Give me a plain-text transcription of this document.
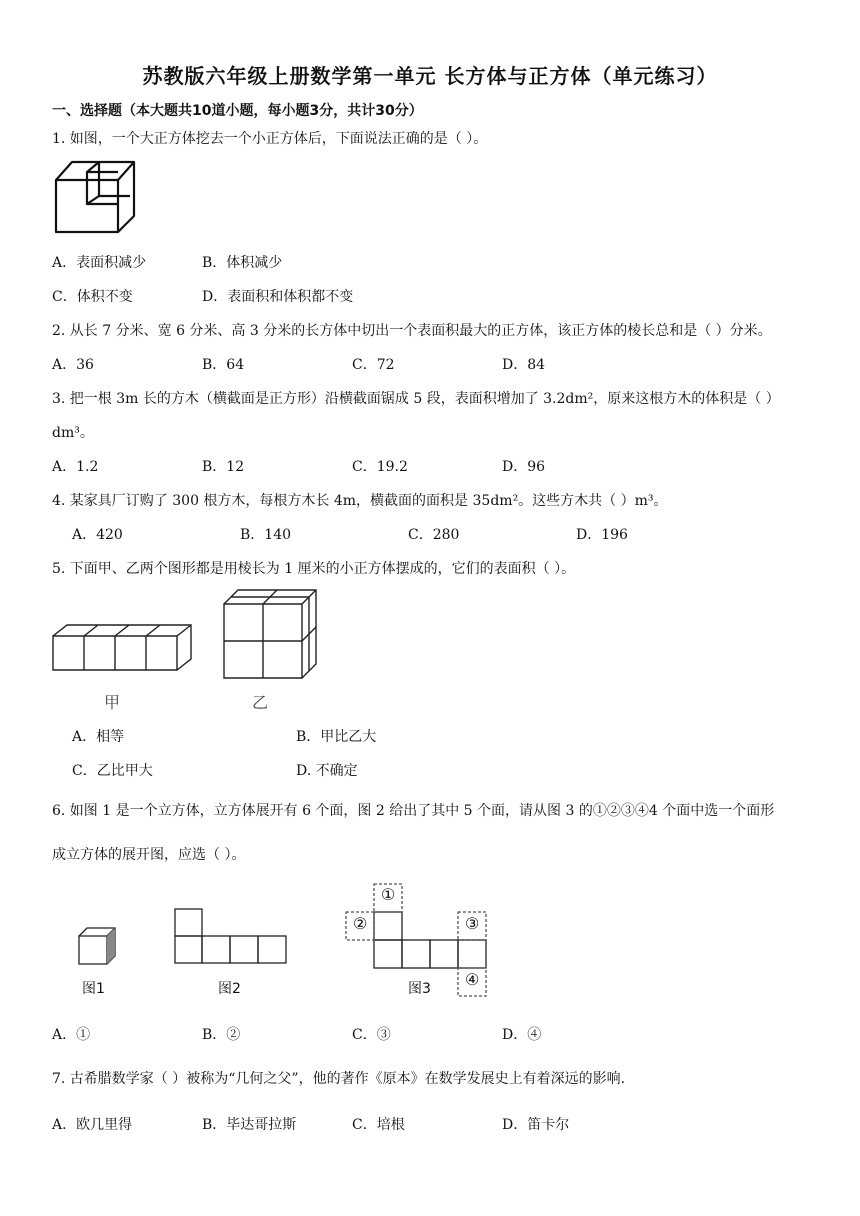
苏教版六年级上册数学第一单元 长方体与正方体（单元练习）
一、选择题（本大题共10道小题，每小题3分，共计30分）
1. 如图，一个大正方体挖去一个小正方体后，下面说法正确的是（ ）。
A．表面积减少	B．体积减少
C．体积不变	D．表面积和体积都不变
2. 从长 7 分米、宽 6 分米、高 3 分米的长方体中切出一个表面积最大的正方体，该正方体的棱长总和是（ ）分米。
A．36	B．64	C．72	D．84
3. 把一根 3m 长的方木（横截面是正方形）沿横截面锯成 5 段，表面积增加了 3.2dm²，原来这根方木的体积是（ ）
dm³。
A．1.2	B．12	C．19.2	D．96
4. 某家具厂订购了 300 根方木，每根方木长 4m，横截面的面积是 35dm²。这些方木共（ ）m³。
A．420	B．140	C．280	D．196
5. 下面甲、乙两个图形都是用棱长为 1 厘米的小正方体摆成的，它们的表面积（ ）。
甲	乙
A．相等	B．甲比乙大
C．乙比甲大	D. 不确定
6. 如图 1 是一个立方体，立方体展开有 6 个面，图 2 给出了其中 5 个面，请从图 3 的①②③④4 个面中选一个面形
成立方体的展开图，应选（ ）。
①
②	③
④
图1	图2	图3
A．①	B．②	C．③	D．④
7. 古希腊数学家（ ）被称为“几何之父”，他的著作《原本》在数学发展史上有着深远的影响.
A．欧几里得	B．毕达哥拉斯	C．培根	D．笛卡尔
